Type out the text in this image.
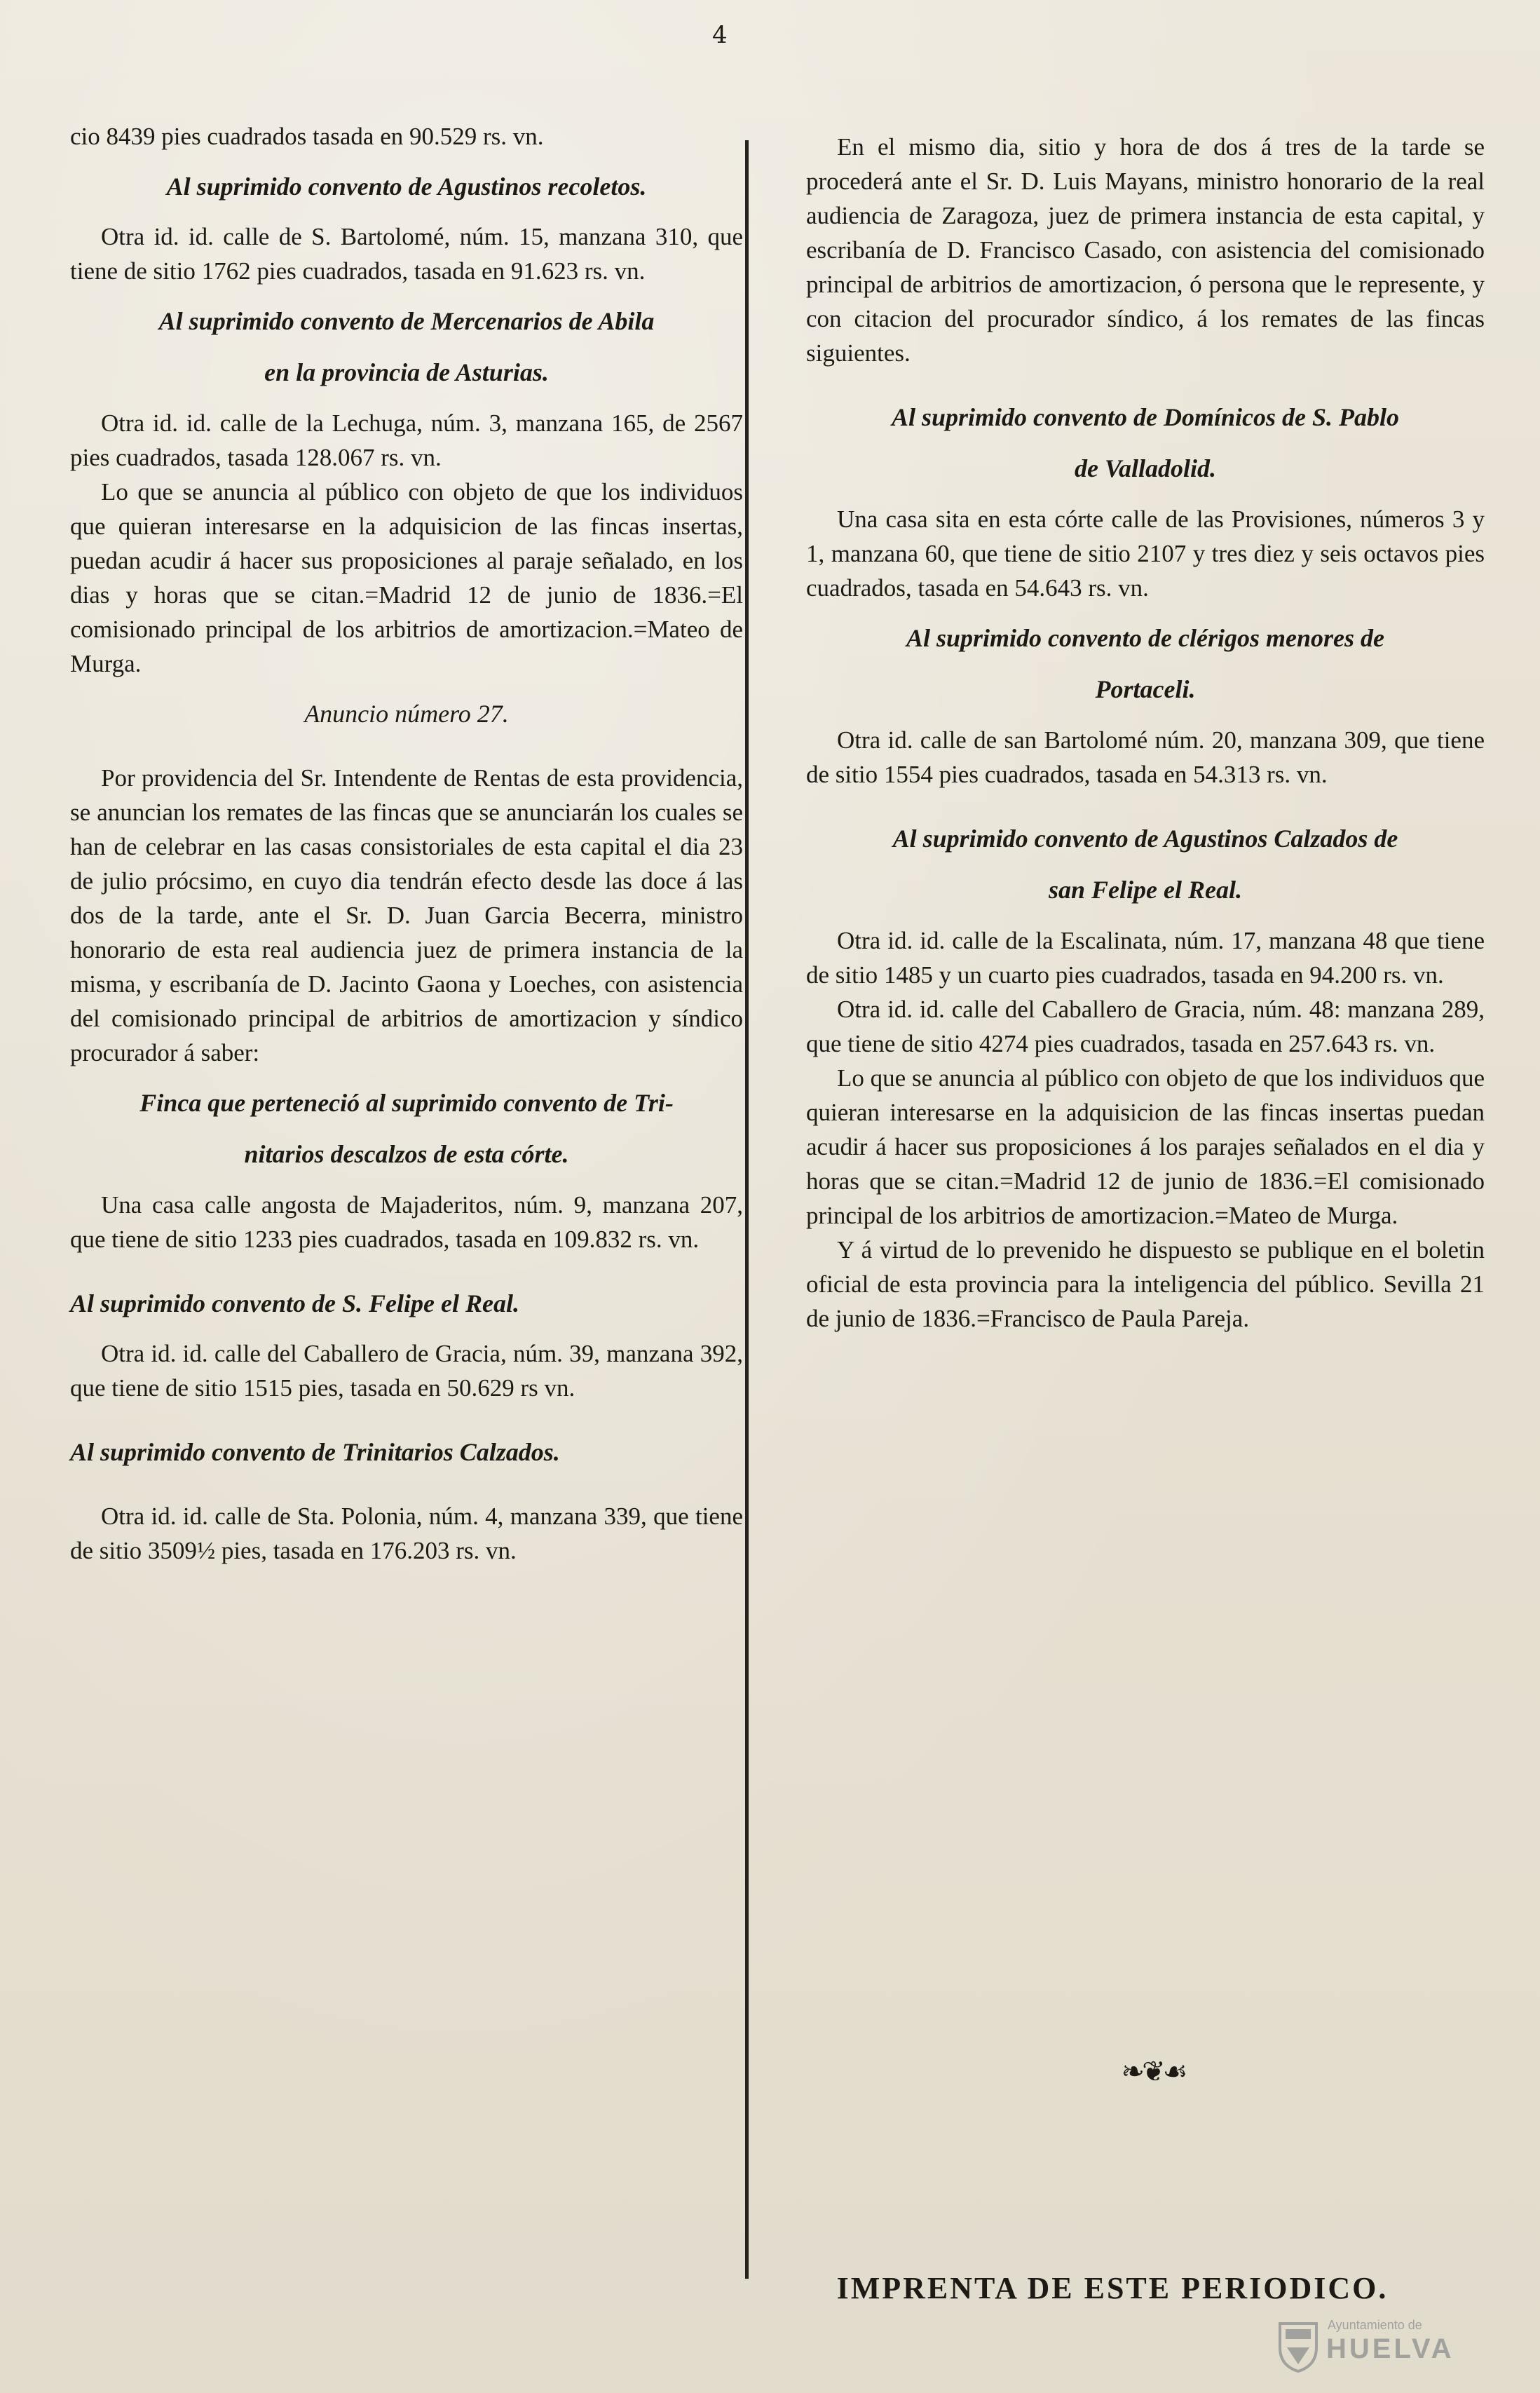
4

cio 8439 pies cuadrados tasada en 90.529 rs. vn.

Al suprimido convento de Agustinos recoletos.

Otra id. id. calle de S. Bartolomé, núm. 15, manzana 310, que tiene de sitio 1762 pies cuadrados, tasada en 91.623 rs. vn.

Al suprimido convento de Mercenarios de Abila

en la provincia de Asturias.

Otra id. id. calle de la Lechuga, núm. 3, manzana 165, de 2567 pies cuadrados, tasada 128.067 rs. vn.

Lo que se anuncia al público con objeto de que los individuos que quieran interesarse en la adquisicion de las fincas insertas, puedan acudir á hacer sus proposiciones al paraje señalado, en los dias y horas que se citan.=Madrid 12 de junio de 1836.=El comisionado principal de los arbitrios de amortizacion.=Mateo de Murga.

Anuncio número 27.

Por providencia del Sr. Intendente de Rentas de esta providencia, se anuncian los remates de las fincas que se anunciarán los cuales se han de celebrar en las casas consistoriales de esta capital el dia 23 de julio prócsimo, en cuyo dia tendrán efecto desde las doce á las dos de la tarde, ante el Sr. D. Juan Garcia Becerra, ministro honorario de esta real audiencia juez de primera instancia de la misma, y escribanía de D. Jacinto Gaona y Loeches, con asistencia del comisionado principal de arbitrios de amortizacion y síndico procurador á saber:

Finca que perteneció al suprimido convento de Tri-

nitarios descalzos de esta córte.

Una casa calle angosta de Majaderitos, núm. 9, manzana 207, que tiene de sitio 1233 pies cuadrados, tasada en 109.832 rs. vn.

Al suprimido convento de S. Felipe el Real.

Otra id. id. calle del Caballero de Gracia, núm. 39, manzana 392, que tiene de sitio 1515 pies, tasada en 50.629 rs vn.

Al suprimido convento de Trinitarios Calzados.

Otra id. id. calle de Sta. Polonia, núm. 4, manzana 339, que tiene de sitio 3509½ pies, tasada en 176.203 rs. vn.

En el mismo dia, sitio y hora de dos á tres de la tarde se procederá ante el Sr. D. Luis Mayans, ministro honorario de la real audiencia de Zaragoza, juez de primera instancia de esta capital, y escribanía de D. Francisco Casado, con asistencia del comisionado principal de arbitrios de amortizacion, ó persona que le represente, y con citacion del procurador síndico, á los remates de las fincas siguientes.

Al suprimido convento de Domínicos de S. Pablo

de Valladolid.

Una casa sita en esta córte calle de las Provisiones, números 3 y 1, manzana 60, que tiene de sitio 2107 y tres diez y seis octavos pies cuadrados, tasada en 54.643 rs. vn.

Al suprimido convento de clérigos menores de

Portaceli.

Otra id. calle de san Bartolomé núm. 20, manzana 309, que tiene de sitio 1554 pies cuadrados, tasada en 54.313 rs. vn.

Al suprimido convento de Agustinos Calzados de

san Felipe el Real.

Otra id. id. calle de la Escalinata, núm. 17, manzana 48 que tiene de sitio 1485 y un cuarto pies cuadrados, tasada en 94.200 rs. vn.

Otra id. id. calle del Caballero de Gracia, núm. 48: manzana 289, que tiene de sitio 4274 pies cuadrados, tasada en 257.643 rs. vn.

Lo que se anuncia al público con objeto de que los individuos que quieran interesarse en la adquisicion de las fincas insertas puedan acudir á hacer sus proposiciones á los parajes señalados en el dia y horas que se citan.=Madrid 12 de junio de 1836.=El comisionado principal de los arbitrios de amortizacion.=Mateo de Murga.

Y á virtud de lo prevenido he dispuesto se publique en el boletin oficial de esta provincia para la inteligencia del público. Sevilla 21 de junio de 1836.=Francisco de Paula Pareja.

❧❦☙
IMPRENTA DE ESTE PERIODICO.
Ayuntamiento de
HUELVA
